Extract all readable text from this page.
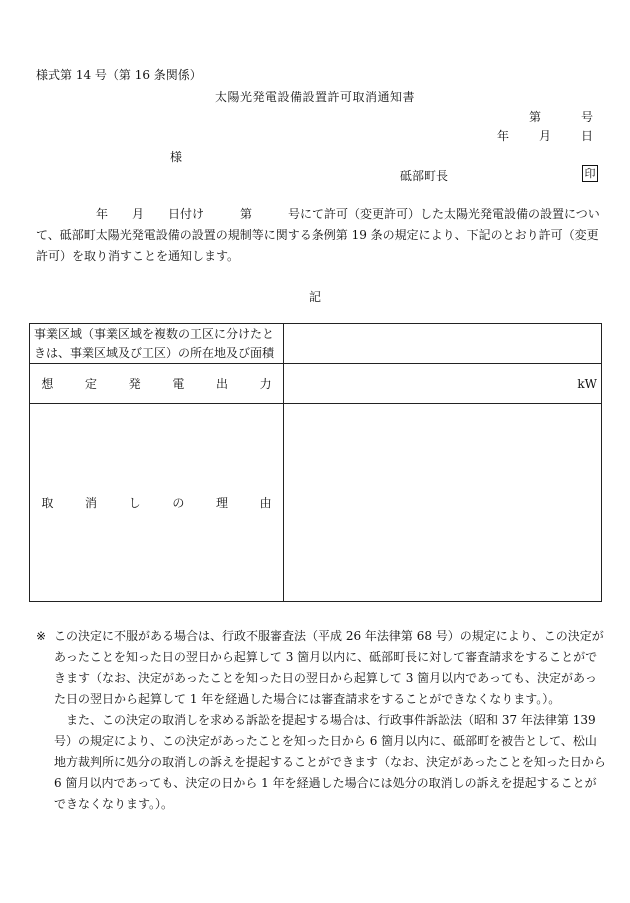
様式第 14 号（第 16 条関係）
太陽光発電設備設置許可取消通知書
第	号
年	月	日
様
砥部町長	印

　　　　　年　　月　　日付け　　　第　　　号にて許可（変更許可）した太陽光発電設備の設置について、砥部町太陽光発電設備の設置の規制等に関する条例第 19 条の規定により、下記のとおり許可（変更許可）を取り消すことを通知します。

記
事業区域（事業区域を複数の工区に分けたときは、事業区域及び工区）の所在地及び面積	
想 定 発 電 出 力	kW
取 消 し の 理 由	
※ この決定に不服がある場合は、行政不服審査法（平成 26 年法律第 68 号）の規定により、この決定があったことを知った日の翌日から起算して 3 箇月以内に、砥部町長に対して審査請求をすることができます（なお、決定があったことを知った日の翌日から起算して 3 箇月以内であっても、決定があった日の翌日から起算して 1 年を経過した場合には審査請求をすることができなくなります。）。

また、この決定の取消しを求める訴訟を提起する場合は、行政事件訴訟法（昭和 37 年法律第 139 号）の規定により、この決定があったことを知った日から 6 箇月以内に、砥部町を被告として、松山地方裁判所に処分の取消しの訴えを提起することができます（なお、決定があったことを知った日から 6 箇月以内であっても、決定の日から 1 年を経過した場合には処分の取消しの訴えを提起することができなくなります。）。
